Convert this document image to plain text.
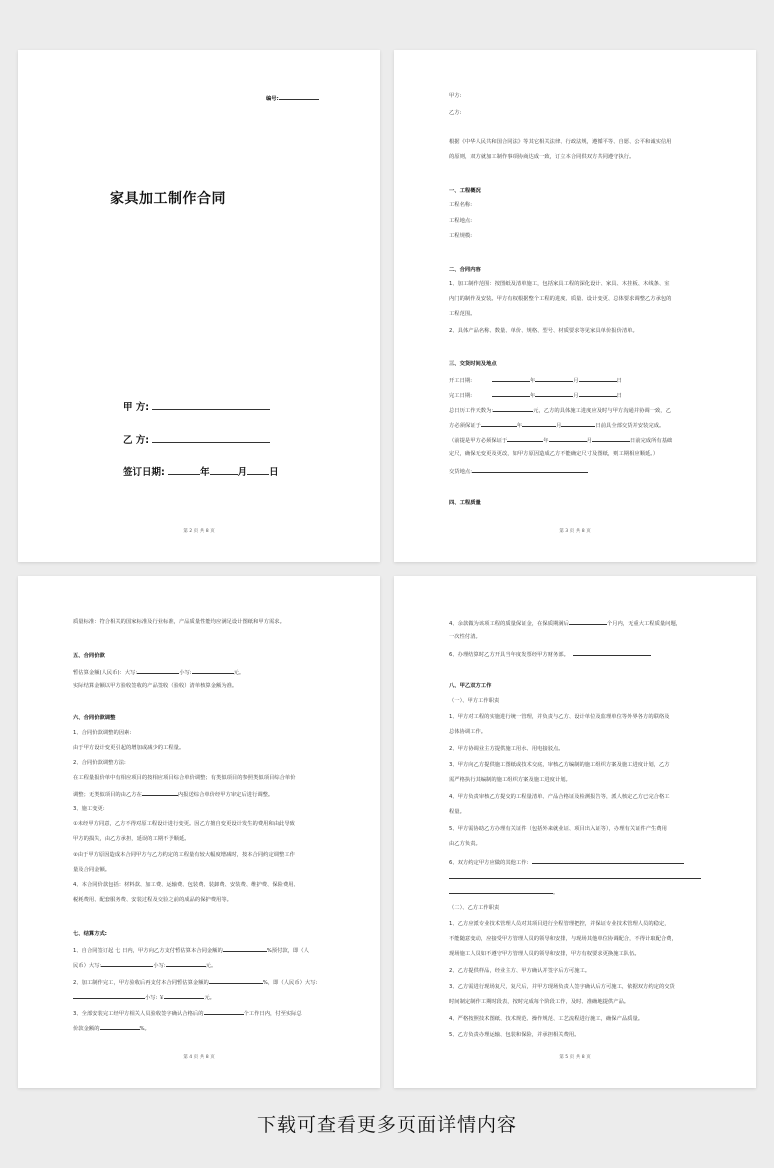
编号:
家具加工制作合同
甲 方:
乙 方:
签订日期:	年	月 日
第 2 页 共 8 页
甲方:
乙方:
根据《中华人民共和国合同法》等其它相关法律、行政法规，遵循平等、自愿、公平和诚实信用
的原则，双方就加工制作事项协商达成一致，订立本合同供双方共同遵守执行。
一、工程概况
工程名称:
工程地点:
工程规模:
二、合同内容
1、加工制作范围：按图纸及清单施工，包括家具工程的深化设计、家具、木挂板、木线条、室
内门的制作及安装。甲方有权根据整个工程的进度、质量、设计变更、总体要求调整乙方承包的
工程范围。
2、具体产品名称、数量、单价、规格、型号、材质要求等见家具单价报价清单。
三、交货时间及地点
开工日期:	年	月	日
完工日期:	年	月	日
总日历工作天数为:	元，乙方的具体施工进度应及时与甲方沟通并协调一致，乙
方必须保证于	年	月	日前具全部交货并安装完成。
（前提是甲方必须保证于	年	月	日前完成所有基础
定尺，确保无变更及更改，如甲方原因造成乙方不能确定尺寸及图纸，则工期相应顺延。）
交货地点:
四、工程质量
第 3 页 共 8 页
质量标准：符合相关的国家标准及行业标准，产品质量性能均应满足设计图纸和甲方需求。
五、合同价款
暂估算金额(人民币)：大写:	小写:	元。
实际结算金额以甲方验收签收的产品签收（验收）清单核算金额为准。
六、合同价款调整
1、合同价款调整的因素:
由于甲方设计变更引起的增加或减少的工程量。
2、合同价款调整方法:
在工程量报价单中有相应项目的按相应项目综合单价调整；有类似项目的参照类似项目综合单价
调整；无类似项目的由乙方在	内报送综合单价经甲方审定后进行调整。
3、施工变更:
①未经甲方同意，乙方不得对原工程设计进行变更。因乙方擅自变更设计发生的费用和由此导致
甲方的损失，由乙方承担，延误的工期不予顺延。
②由于甲方原因造成本合同甲方与乙方约定的工程量有较大幅度增减时，按本合同约定调整工作
量及合同金额。
4、本合同价款包括：材料款、加工费、运输费、包装费、装卸费、安装费、维护费、保险费用、
税耗费用、配套服务费、安装过程及交验之前的成品的保护费用等。
七、结算方式:
1、自合同签订起 七 日内，甲方向乙方支付暂估算本合同金额的	%预付款，即（人
民币）大写:	小写:	元。
2、加工制作完工，甲方验收后再支付本合同暂估算金额的	%，即（人民币）大写:
小写: ￥	元。
3、全部安装完工经甲方相关人员验收签字确认合格后的	个工作日内，付至实际总
价款金额的	%。
第 4 页 共 8 页
4、余款做为该项工程的质量保证金，在保质期满后	个月内，无重大工程质量问题，
一次性付清。
6、办理结算时乙方开具当年度发票经甲方财务部。
八、甲乙双方工作
（一）、甲方工作职责
1、甲方对工程的实施进行统一管理，并负责与乙方、设计单位及监理单位等外界各方的联络及
总体协调工作。
2、甲方协调业主方提供施工用水、用电接驳点。
3、甲方向乙方提供施工图纸或技术交底，审核乙方编制的施工组织方案及施工进度计划，乙方
需严格执行其编制的施工组织方案及施工进度计划。
4、甲方负责审核乙方提交的工程量清单、产品合格证及检测报告等，派人核定乙方已完合格工
程量。
5、甲方需协助乙方办理有关证件（包括外来就业证、项目出入证等），办理有关证件产生费用
由乙方负责。
6、双方约定甲方应做的其他工作:
。
（二）、乙方工作职责
1、乙方应派专业技术管理人员对其项目进行全程管理把控，并保证专业技术管理人员的稳定，
不能随意变动，应接受甲方管理人员的领导和安排，与现场其他单位协调配合，不得计取配合费，
现场施工人员如不遵守甲方管理人员的领导和安排，甲方有权要求更换施工队伍。
2、乙方提供样品，经业主方、甲方确认并签字后方可施工。
3、乙方需进行现场复尺，复尺后，并甲方现场负责人签字确认后方可施工，依据双方约定的交货
时间制定制作工期时段表，按时完成每个阶段工作，及时、准确地提供产品。
4、严格按照技术图纸、技术规范、操作规范、工艺流程进行施工，确保产品质量。
5、乙方负责办理运输、包装和保险，并承担相关费用。
第 5 页 共 8 页
下载可查看更多页面详情内容
